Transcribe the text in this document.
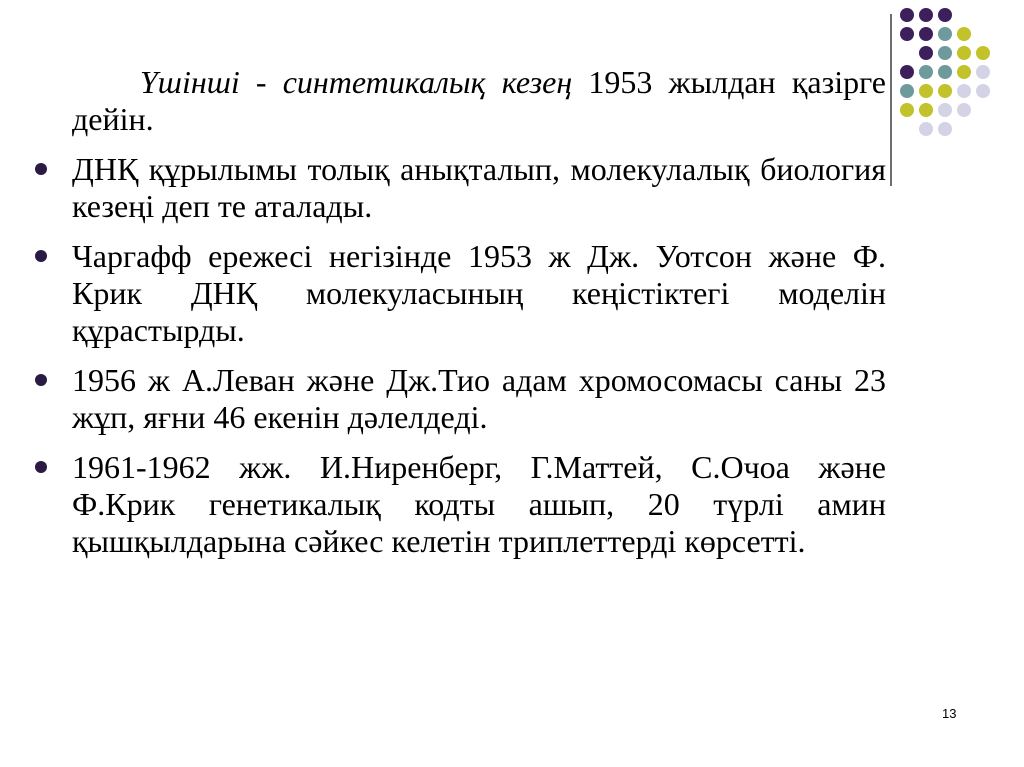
Үшінші - синтетикалық кезең 1953 жылдан қазірге дейін.

ДНҚ құрылымы толық анықталып, молекулалық биология кезеңі деп те аталады.
Чаргафф ережесі негізінде 1953 ж Дж. Уотсон және Ф. Крик ДНҚ молекуласының кеңістіктегі моделін құрастырды.
1956 ж А.Леван және Дж.Тио адам хромосомасы саны 23 жұп, яғни 46 екенін дәлелдеді.
1961-1962 жж. И.Ниренберг, Г.Маттей, С.Очоа және Ф.Крик генетикалық кодты ашып, 20 түрлі амин қышқылдарына сәйкес келетін триплеттерді көрсетті.
13
